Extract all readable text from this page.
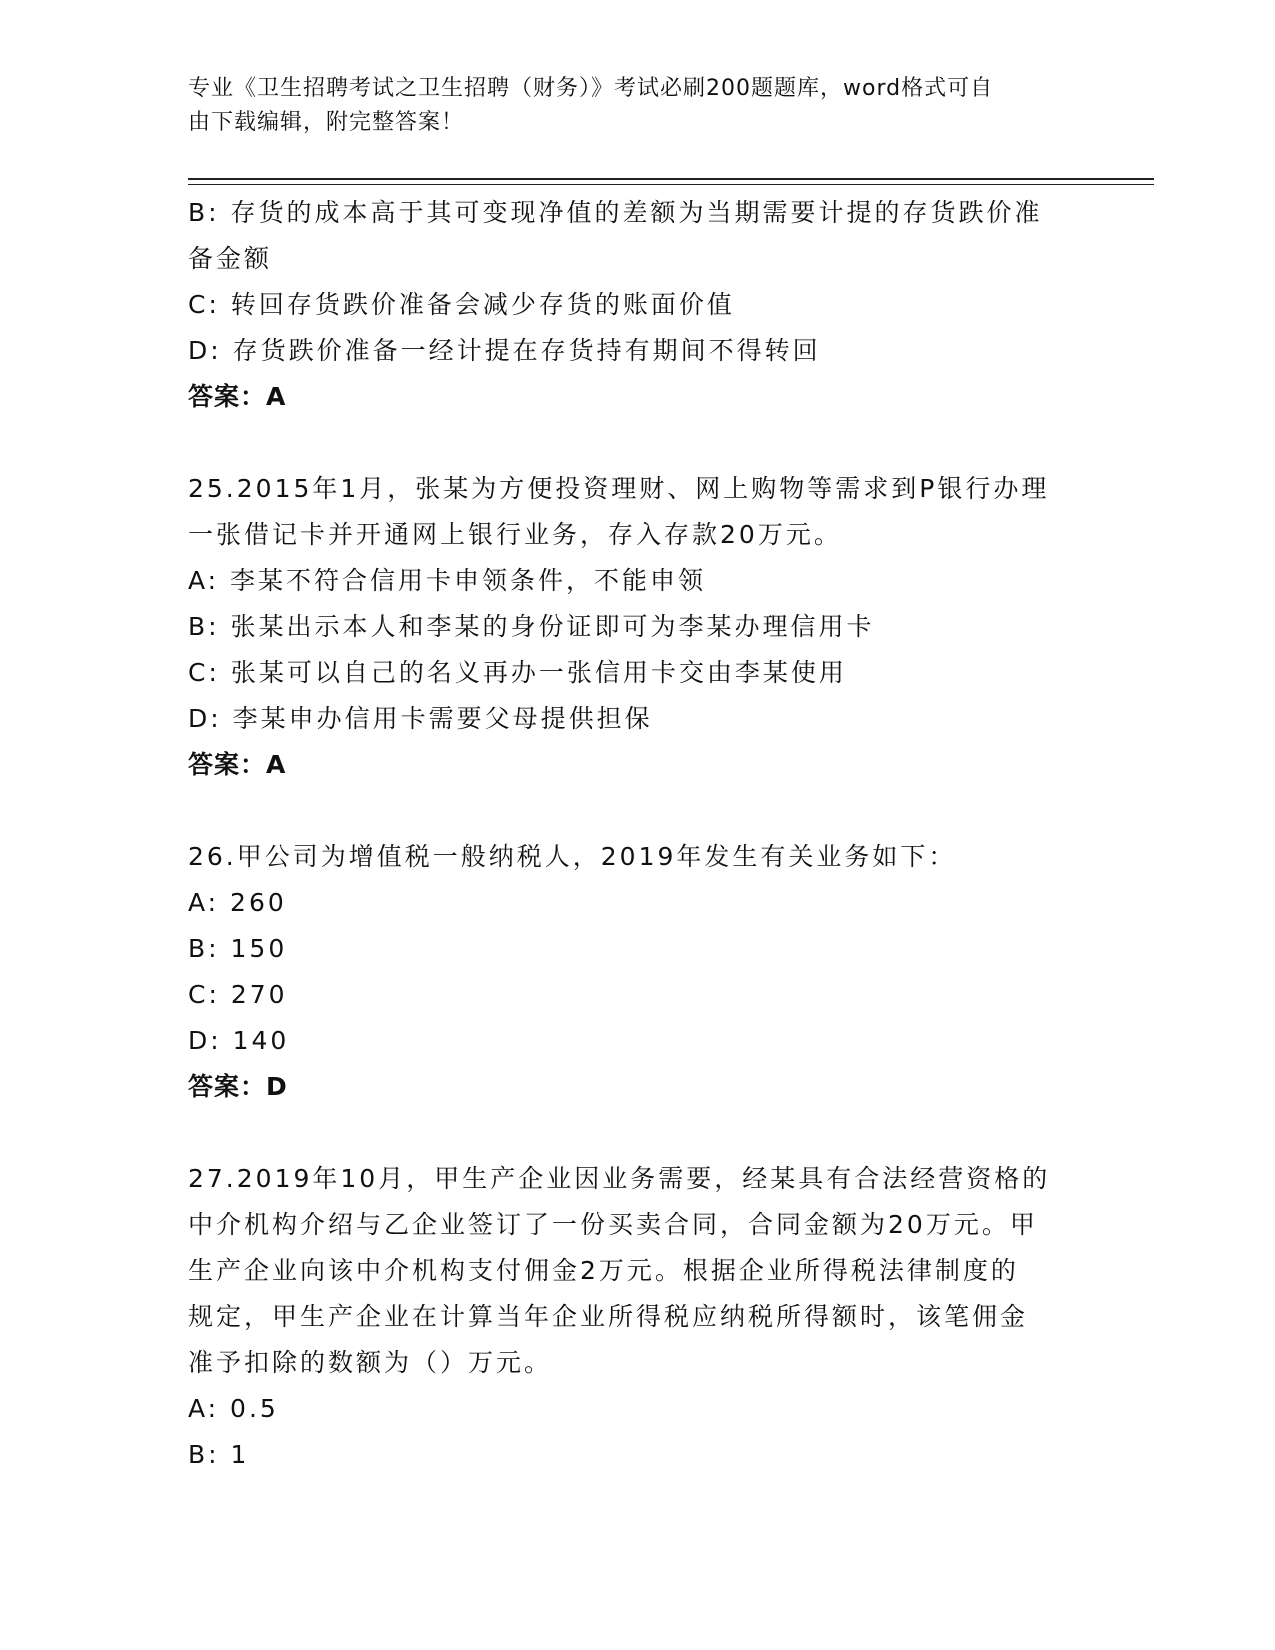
专业《卫生招聘考试之卫生招聘（财务）》考试必刷200题题库，word格式可自
由下载编辑，附完整答案！
B: 存货的成本高于其可变现净值的差额为当期需要计提的存货跌价准
备金额
C: 转回存货跌价准备会减少存货的账面价值
D: 存货跌价准备一经计提在存货持有期间不得转回
答案：A
25.2015年1月，张某为方便投资理财、网上购物等需求到P银行办理
一张借记卡并开通网上银行业务，存入存款20万元。
A: 李某不符合信用卡申领条件，不能申领
B: 张某出示本人和李某的身份证即可为李某办理信用卡
C: 张某可以自己的名义再办一张信用卡交由李某使用
D: 李某申办信用卡需要父母提供担保
答案：A
26.甲公司为增值税一般纳税人，2019年发生有关业务如下：
A: 260
B: 150
C: 270
D: 140
答案：D
27.2019年10月，甲生产企业因业务需要，经某具有合法经营资格的
中介机构介绍与乙企业签订了一份买卖合同，合同金额为20万元。甲
生产企业向该中介机构支付佣金2万元。根据企业所得税法律制度的
规定，甲生产企业在计算当年企业所得税应纳税所得额时，该笔佣金
准予扣除的数额为（）万元。
A: 0.5
B: 1
